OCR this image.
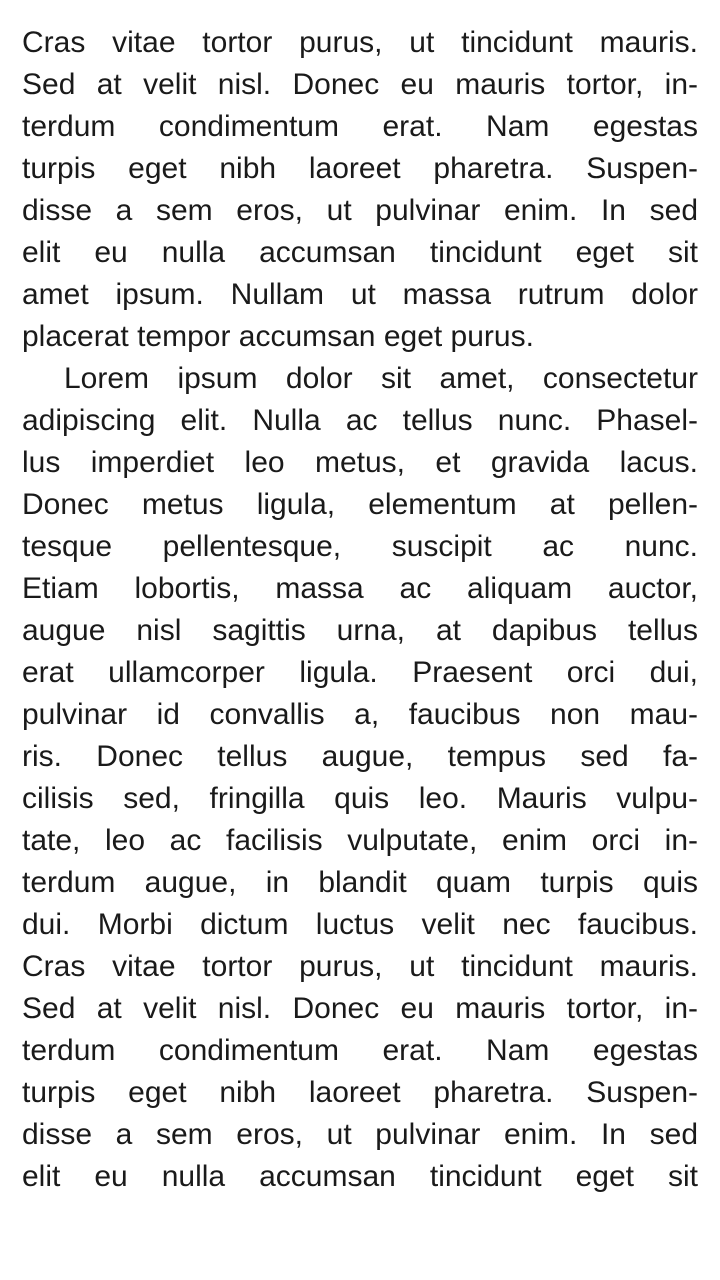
Cras vitae tortor purus, ut tincidunt mauris.
Sed at velit nisl. Donec eu mauris tortor, in-
terdum condimentum erat. Nam egestas
turpis eget nibh laoreet pharetra. Suspen-
disse a sem eros, ut pulvinar enim. In sed
elit eu nulla accumsan tincidunt eget sit
amet ipsum. Nullam ut massa rutrum dolor
placerat tempor accumsan eget purus.
Lorem ipsum dolor sit amet, consectetur
adipiscing elit. Nulla ac tellus nunc. Phasel-
lus imperdiet leo metus, et gravida lacus.
Donec metus ligula, elementum at pellen-
tesque pellentesque, suscipit ac nunc.
Etiam lobortis, massa ac aliquam auctor,
augue nisl sagittis urna, at dapibus tellus
erat ullamcorper ligula. Praesent orci dui,
pulvinar id convallis a, faucibus non mau-
ris. Donec tellus augue, tempus sed fa-
cilisis sed, fringilla quis leo. Mauris vulpu-
tate, leo ac facilisis vulputate, enim orci in-
terdum augue, in blandit quam turpis quis
dui. Morbi dictum luctus velit nec faucibus.
Cras vitae tortor purus, ut tincidunt mauris.
Sed at velit nisl. Donec eu mauris tortor, in-
terdum condimentum erat. Nam egestas
turpis eget nibh laoreet pharetra. Suspen-
disse a sem eros, ut pulvinar enim. In sed
elit eu nulla accumsan tincidunt eget sit
